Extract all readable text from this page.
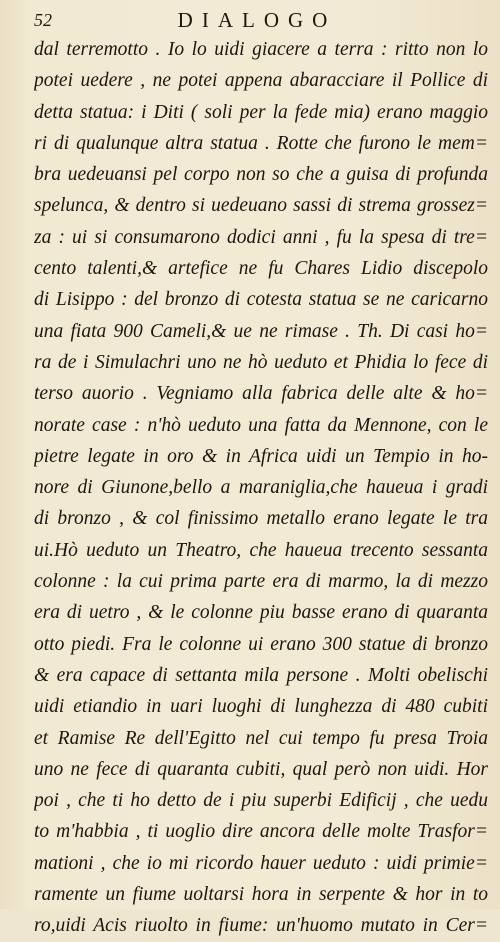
52	DIALOGO
dal terremotto . Io lo uidi giacere a terra : ritto non lo
potei uedere , ne potei appena abaracciare il Pollice di
detta statua: i Diti ( soli per la fede mia) erano maggio
ri di qualunque altra statua . Rotte che furono le mem=
bra uedeuansi pel corpo non so che a guisa di profunda
spelunca, & dentro si uedeuano sassi di strema grossez=
za : ui si consumarono dodici anni , fu la spesa di tre=
cento talenti,& artefice ne fu Chares Lidio discepolo
di Lisippo : del bronzo di cotesta statua se ne caricarno
una fiata 900 Cameli,& ue ne rimase . Th. Di casi ho=
ra de i Simulachri uno ne hò ueduto et Phidia lo fece di
terso auorio . Vegniamo alla fabrica delle alte & ho=
norate case : n'hò ueduto una fatta da Mennone, con le
pietre legate in oro & in Africa uidi un Tempio in ho-
nore di Giunone,bello a maraniglia,che haueua i gradi
di bronzo , & col finissimo metallo erano legate le tra
ui.Hò ueduto un Theatro, che haueua trecento sessanta
colonne : la cui prima parte era di marmo, la di mezzo
era di uetro , & le colonne piu basse erano di quaranta
otto piedi. Fra le colonne ui erano 300 statue di bronzo
& era capace di settanta mila persone . Molti obelischi
uidi etiandio in uari luoghi di lunghezza di 480 cubiti
et Ramise Re dell'Egitto nel cui tempo fu presa Troia
uno ne fece di quaranta cubiti, qual però non uidi. Hor
poi , che ti ho detto de i piu superbi Edificij , che uedu
to m'habbia , ti uoglio dire ancora delle molte Trasfor=
mationi , che io mi ricordo hauer ueduto : uidi primie=
ramente un fiume uoltarsi hora in serpente & hor in to
ro,uidi Acis riuolto in fiume: un'huomo mutato in Cer=
